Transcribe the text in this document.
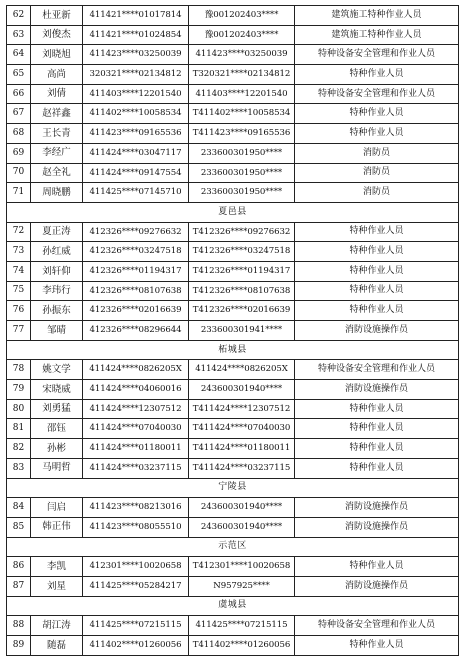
62	杜亚新	411421****01017814	豫001202403****	建筑施工特种作业人员
63	刘俊杰	411421****01024854	豫001202403****	建筑施工特种作业人员
64	刘晓旭	411423****03250039	411423****03250039	特种设备安全管理和作业人员
65	高尚	320321****02134812	T320321****02134812	特种作业人员
66	刘倩	411403****12201540	411403****12201540	特种设备安全管理和作业人员
67	赵祥鑫	411402****10058534	T411402****10058534	特种作业人员
68	王长青	411423****09165536	T411423****09165536	特种作业人员
69	李经广	411424****03047117	233600301950****	消防员
70	赵全礼	411424****09147554	233600301950****	消防员
71	周晓鹏	411425****07145710	233600301950****	消防员
夏邑县				
72	夏正涛	412326****09276632	T412326****09276632	特种作业人员
73	孙红威	412326****03247518	T412326****03247518	特种作业人员
74	刘轩仰	412326****01194317	T412326****01194317	特种作业人员
75	李玮行	412326****08107638	T412326****08107638	特种作业人员
76	孙振东	412326****02016639	T412326****02016639	特种作业人员
77	邹晴	412326****08296644	233600301941****	消防设施操作员
柘城县				
78	姚文学	411424****0826205X	411424****0826205X	特种设备安全管理和作业人员
79	宋晓威	411424****04060016	243600301940****	消防设施操作员
80	刘勇猛	411424****12307512	T411424****12307512	特种作业人员
81	邵钰	411424****07040030	T411424****07040030	特种作业人员
82	孙彬	411424****01180011	T411424****01180011	特种作业人员
83	马明哲	411424****03237115	T411424****03237115	特种作业人员
宁陵县				
84	闫启	411423****08213016	243600301940****	消防设施操作员
85	韩正伟	411423****08055510	243600301940****	消防设施操作员
示范区				
86	李凯	412301****10020658	T412301****10020658	特种作业人员
87	刘星	411425****05284217	N957925****	消防设施操作员
虞城县				
88	胡江涛	411425****07215115	411425****07215115	特种设备安全管理和作业人员
89	随磊	411402****01260056	T411402****01260056	特种作业人员
